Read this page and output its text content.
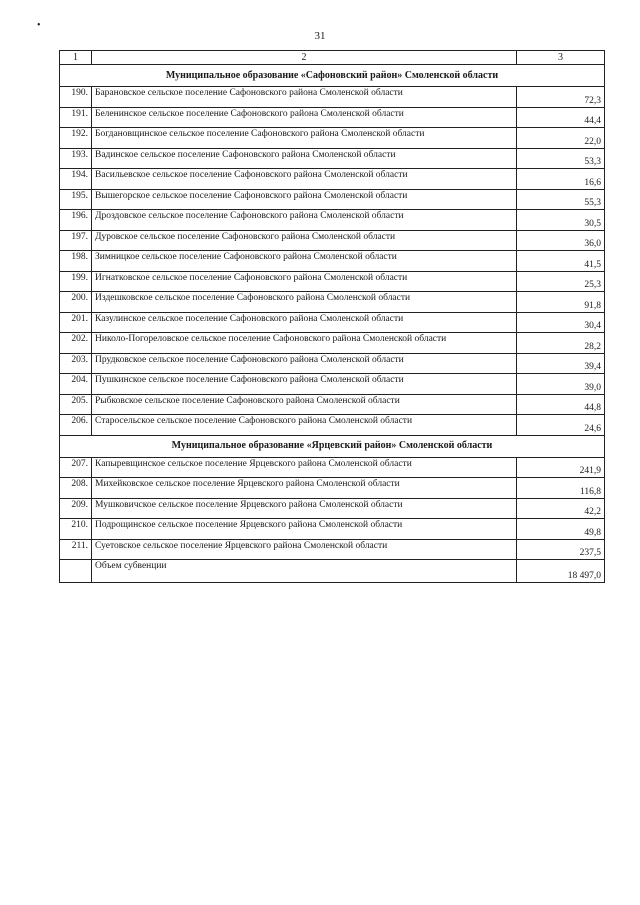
•
31
1	2	3
Муниципальное образование «Сафоновский район» Смоленской области		
190.	Барановское сельское поселение Сафоновского района Смоленской области	72,3
191.	Беленинское сельское поселение Сафоновского района Смоленской области	44,4
192.	Богдановщинское сельское поселение Сафоновского района Смоленской области	22,0
193.	Вадинское сельское поселение Сафоновского района Смоленской области	53,3
194.	Васильевское сельское поселение Сафоновского района Смоленской области	16,6
195.	Вышегорское сельское поселение Сафоновского района Смоленской области	55,3
196.	Дроздовское сельское поселение Сафоновского района Смоленской области	30,5
197.	Дуровское сельское поселение Сафоновского района Смоленской области	36,0
198.	Зимницкое сельское поселение Сафоновского района Смоленской области	41,5
199.	Игнатковское сельское поселение Сафоновского района Смоленской области	25,3
200.	Издешковское сельское поселение Сафоновского района Смоленской области	91,8
201.	Казулинское сельское поселение Сафоновского района Смоленской области	30,4
202.	Николо-Погореловское сельское поселение Сафоновского района Смоленской области	28,2
203.	Прудковское сельское поселение Сафоновского района Смоленской области	39,4
204.	Пушкинское сельское поселение Сафоновского района Смоленской области	39,0
205.	Рыбковское сельское поселение Сафоновского района Смоленской области	44,8
206.	Старосельское сельское поселение Сафоновского района Смоленской области	24,6
Муниципальное образование «Ярцевский район» Смоленской области		
207.	Капыревщинское сельское поселение Ярцевского района Смоленской области	241,9
208.	Михейковское сельское поселение Ярцевского района Смоленской области	116,8
209.	Мушковичское сельское поселение Ярцевского района Смоленской области	42,2
210.	Подрощинское сельское поселение Ярцевского района Смоленской области	49,8
211.	Суетовское сельское поселение Ярцевского района Смоленской области	237,5
	Объем субвенции	18 497,0
